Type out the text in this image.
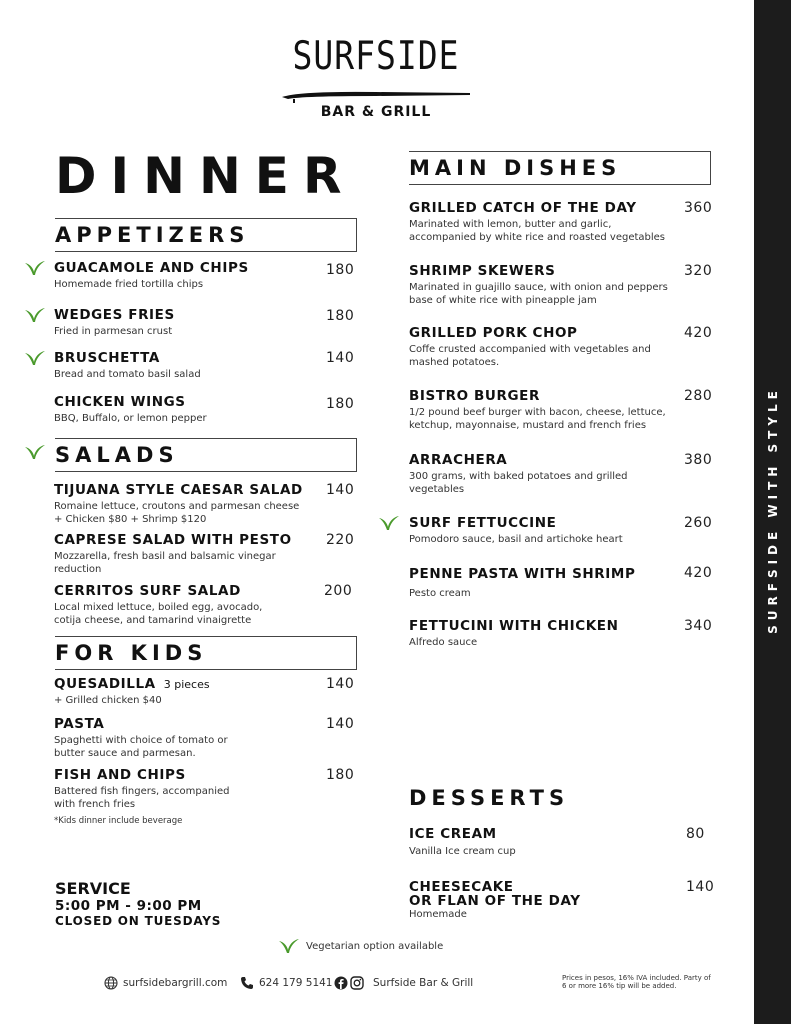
SURFSIDE WITH STYLE
SURFSIDE
BAR & GRILL
DINNER
APPETIZERS
GUACAMOLE AND CHIPS
Homemade fried tortilla chips
180
WEDGES FRIES
Fried in parmesan crust
180
BRUSCHETTA
Bread and tomato basil salad
140
CHICKEN WINGS
BBQ, Buffalo, or lemon pepper
180
SALADS
TIJUANA STYLE CAESAR SALAD
Romaine lettuce, croutons and parmesan cheese
+ Chicken $80 + Shrimp $120
140
CAPRESE SALAD WITH PESTO
Mozzarella, fresh basil and balsamic vinegar
reduction
220
CERRITOS SURF SALAD
Local mixed lettuce, boiled egg, avocado,
cotija cheese, and tamarind vinaigrette
200
FOR KIDS
QUESADILLA 3 pieces
+ Grilled chicken $40
140
PASTA
Spaghetti with choice of tomato or
butter sauce and parmesan.
140
FISH AND CHIPS
Battered fish fingers, accompanied
with french fries
180
*Kids dinner include beverage
MAIN DISHES
GRILLED CATCH OF THE DAY
Marinated with lemon, butter and garlic,
accompanied by white rice and roasted vegetables
360
SHRIMP SKEWERS
Marinated in guajillo sauce, with onion and peppers
base of white rice with pineapple jam
320
GRILLED PORK CHOP
Coffe crusted accompanied with vegetables and
mashed potatoes.
420
BISTRO BURGER
1/2 pound beef burger with bacon, cheese, lettuce,
ketchup, mayonnaise, mustard and french fries
280
ARRACHERA
300 grams, with baked potatoes and grilled
vegetables
380
SURF FETTUCCINE
Pomodoro sauce, basil and artichoke heart
260
PENNE PASTA WITH SHRIMP
Pesto cream
420
FETTUCINI WITH CHICKEN
Alfredo sauce
340
DESSERTS
ICE CREAM
Vanilla Ice cream cup
80
CHEESECAKE
OR FLAN OF THE DAY
Homemade
140
SERVICE
5:00 PM - 9:00 PM
CLOSED ON TUESDAYS
Vegetarian option available
surfsidebargrill.com	624 179 5141	Surfside Bar & Grill	Prices in pesos, 16% IVA included. Party of 6 or more 16% tip will be added.
